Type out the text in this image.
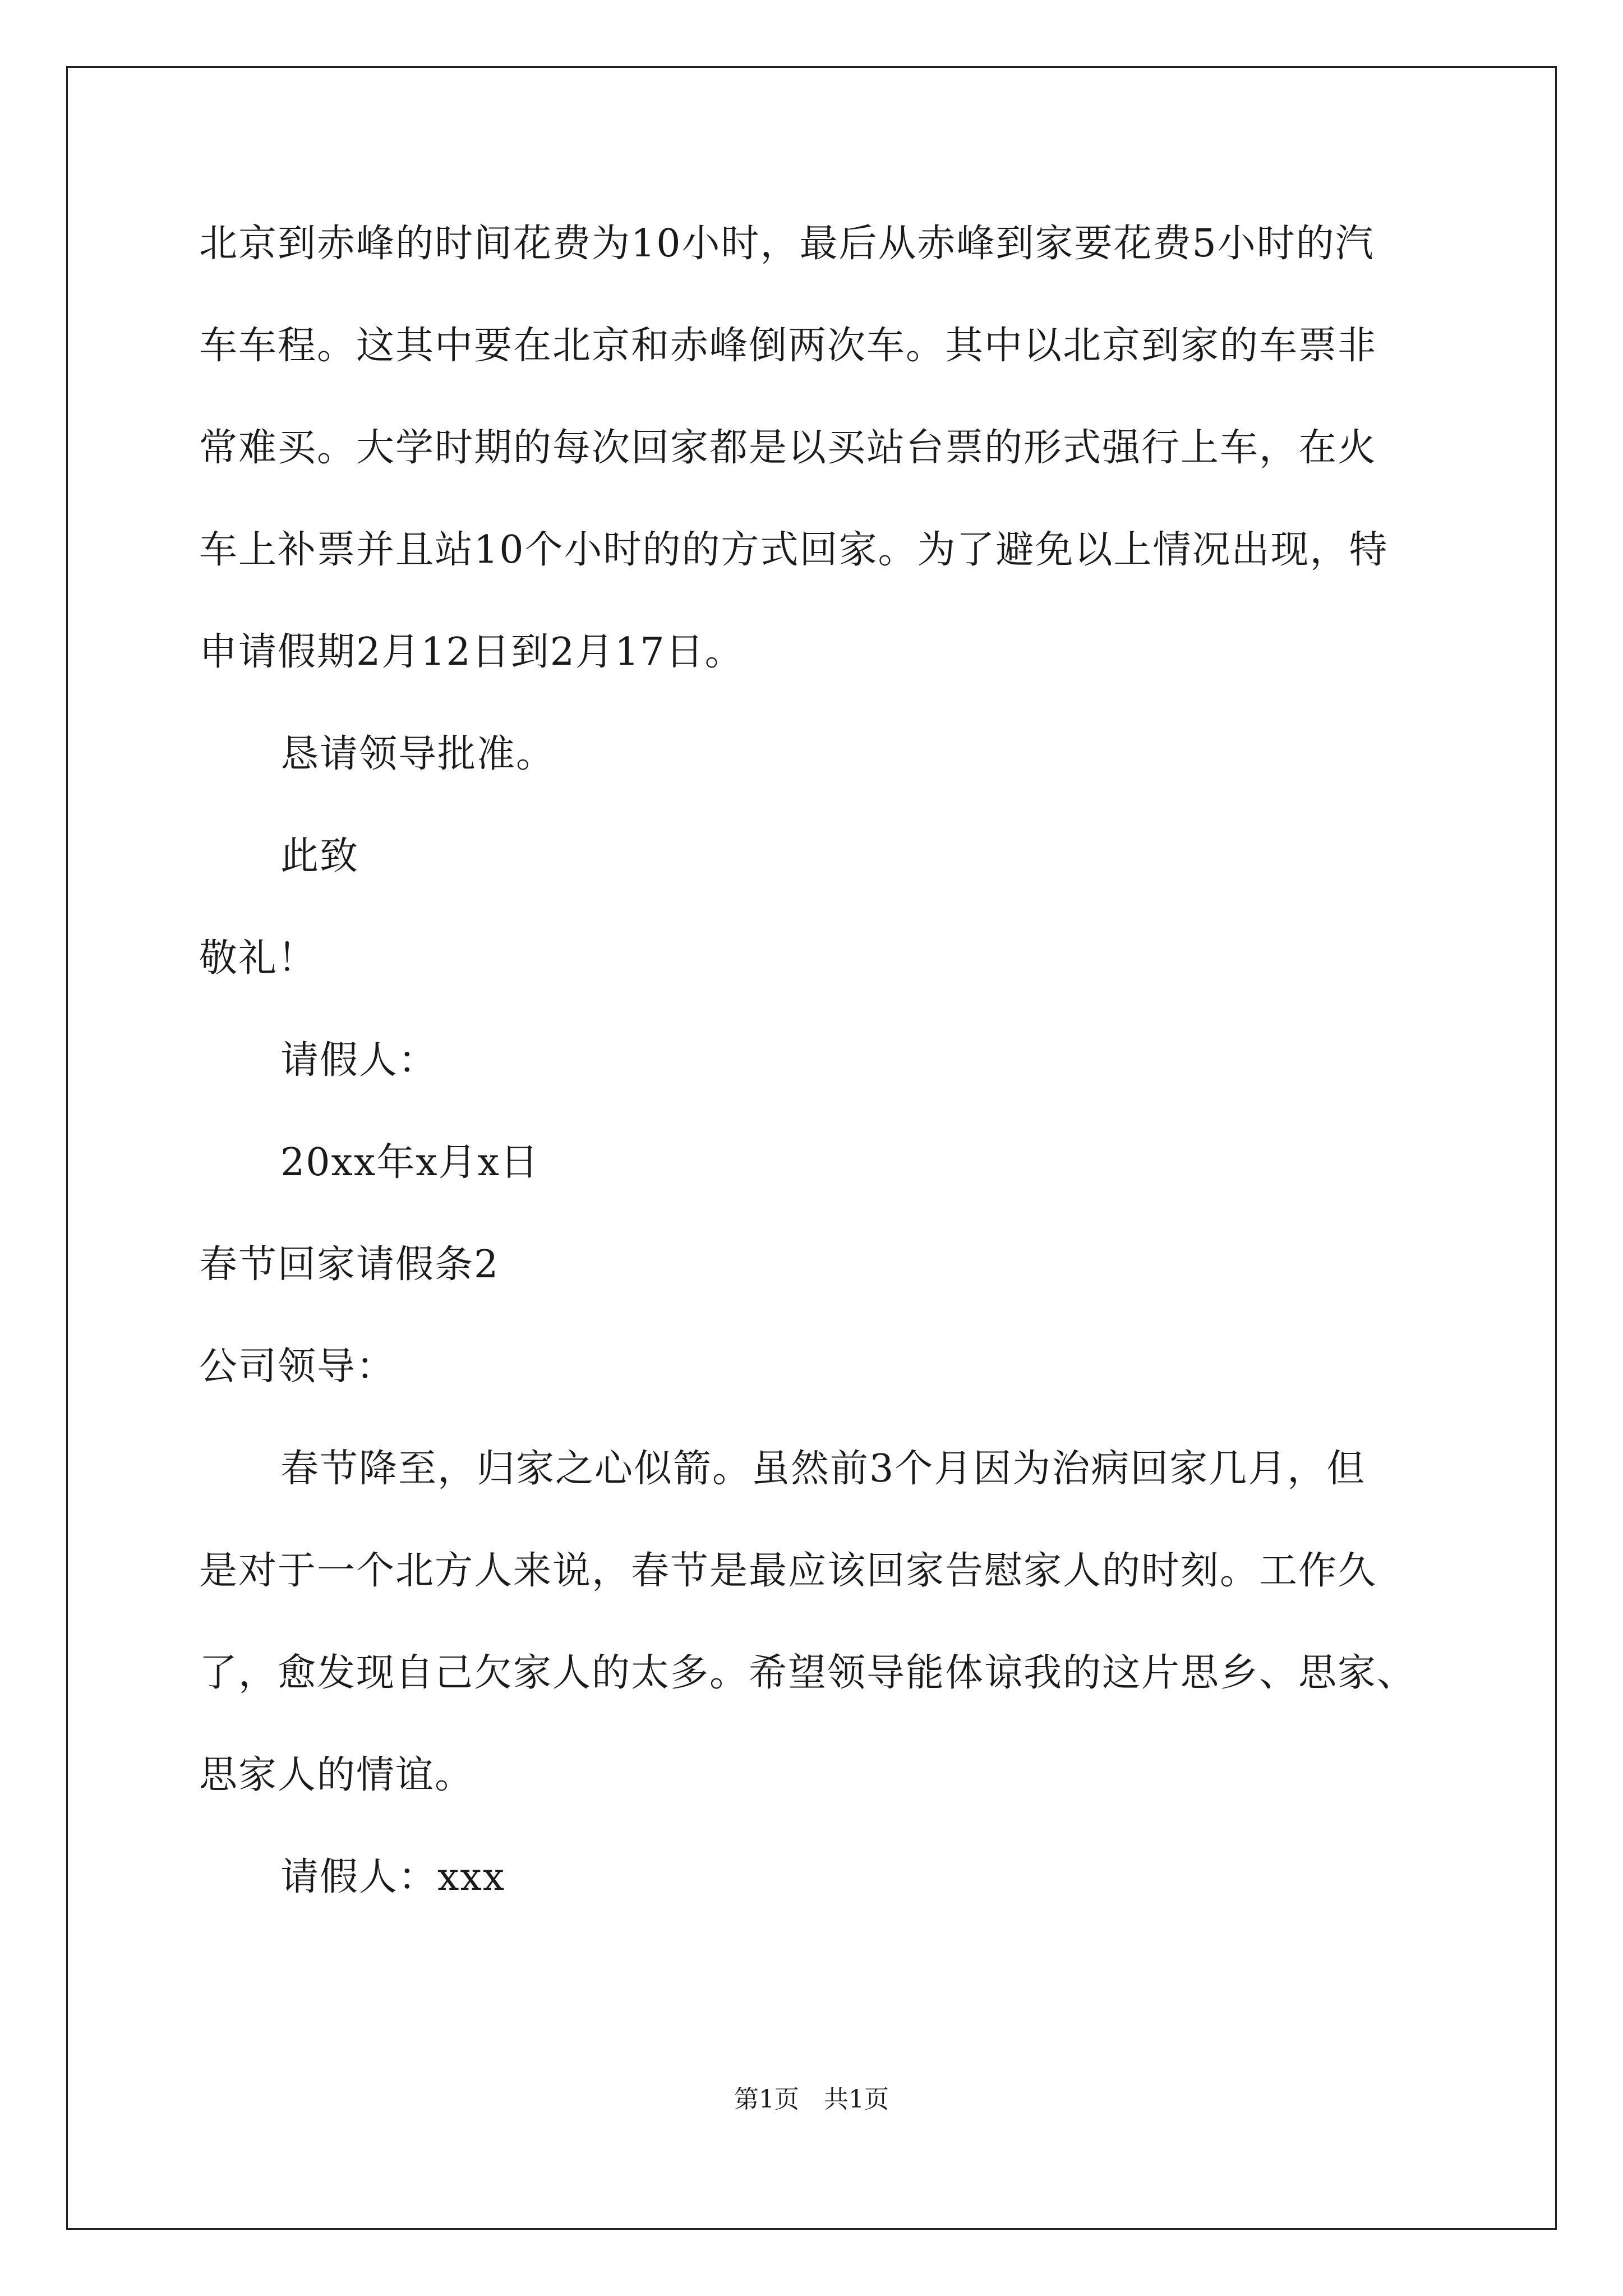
北京到赤峰的时间花费为10小时，最后从赤峰到家要花费5小时的汽
车车程。这其中要在北京和赤峰倒两次车。其中以北京到家的车票非
常难买。大学时期的每次回家都是以买站台票的形式强行上车，在火
车上补票并且站10个小时的的方式回家。为了避免以上情况出现，特
申请假期2月12日到2月17日。
恳请领导批准。
此致
敬礼！
请假人：
20xx年x月x日
春节回家请假条2
公司领导：
春节降至，归家之心似箭。虽然前3个月因为治病回家几月，但
是对于一个北方人来说，春节是最应该回家告慰家人的时刻。工作久
了，愈发现自己欠家人的太多。希望领导能体谅我的这片思乡、思家、
思家人的情谊。
请假人：xxx
第1页　共1页
